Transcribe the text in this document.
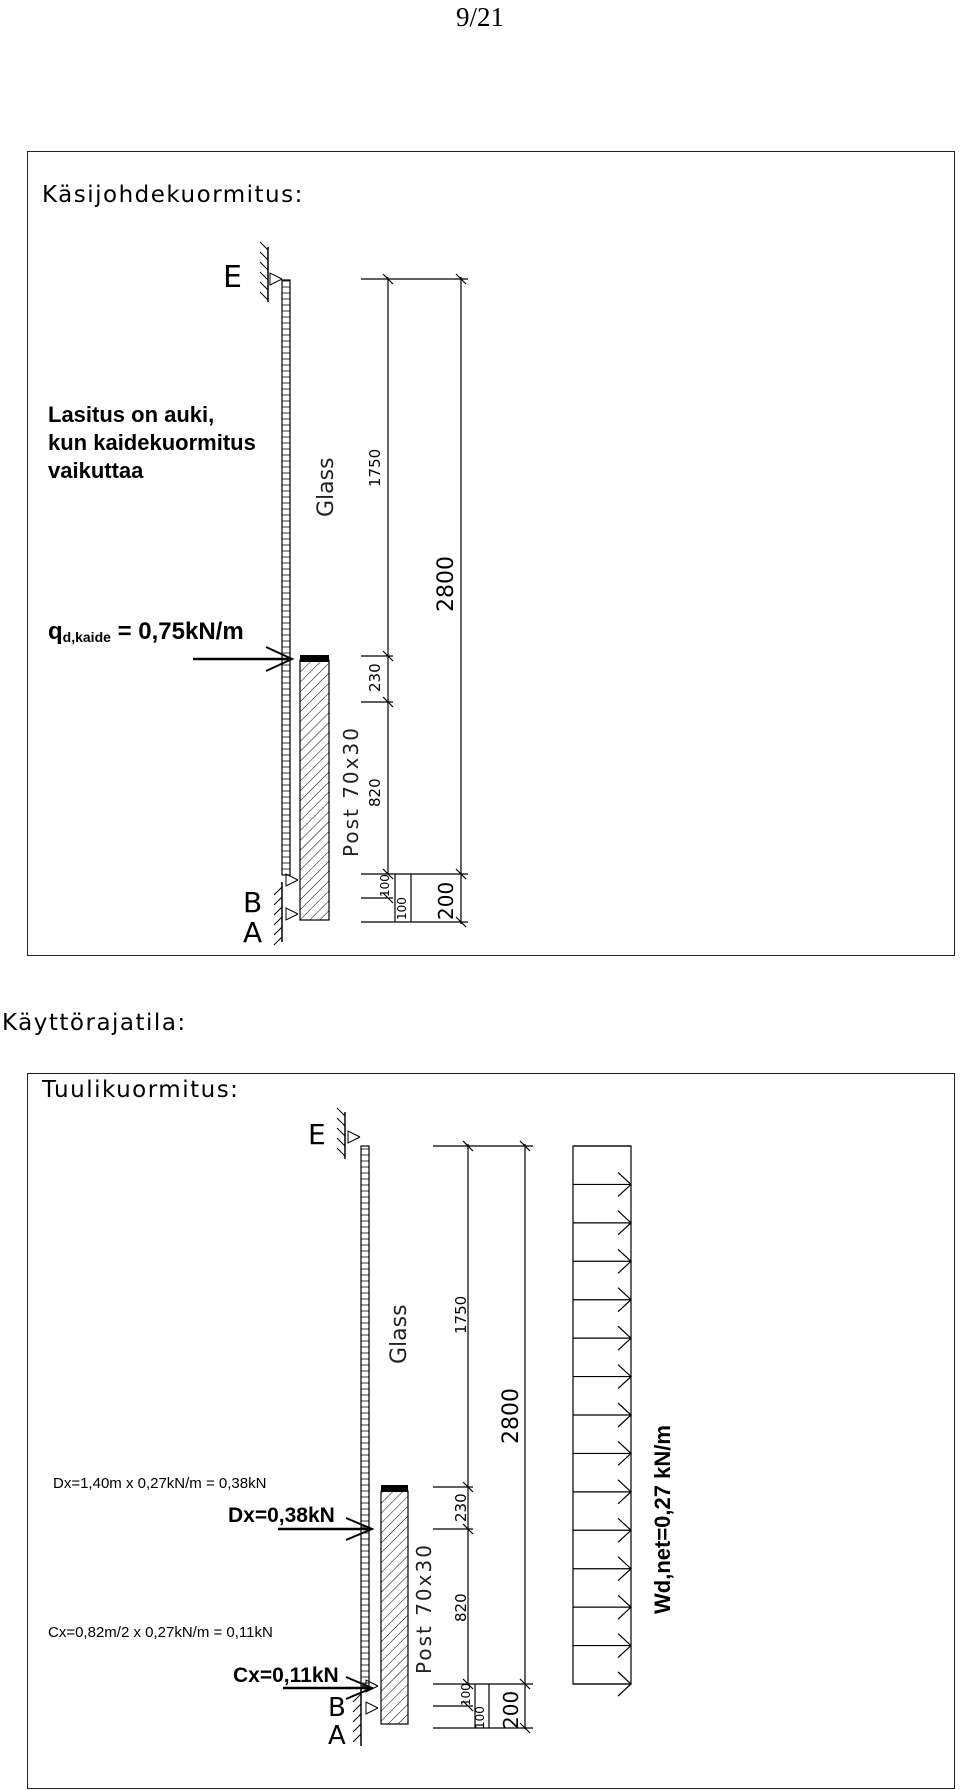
9/21
Käsijohdekuormitus:
E
Glass
Post 70x30
B
A
Lasitus on auki,
kun kaidekuormitus
vaikuttaa
qd,kaide = 0,75kN/m
1750
2800
230
820
100
100 200
Käyttörajatila:
Tuulikuormitus:
E
Glass
Post 70x30
B
A
Dx=1,40m x 0,27kN/m = 0,38kN
Dx=0,38kN
Cx=0,82m/2 x 0,27kN/m = 0,11kN
Cx=0,11kN
1750
2800
230
820
100
100 200
Wd,net=0,27 kN/m
